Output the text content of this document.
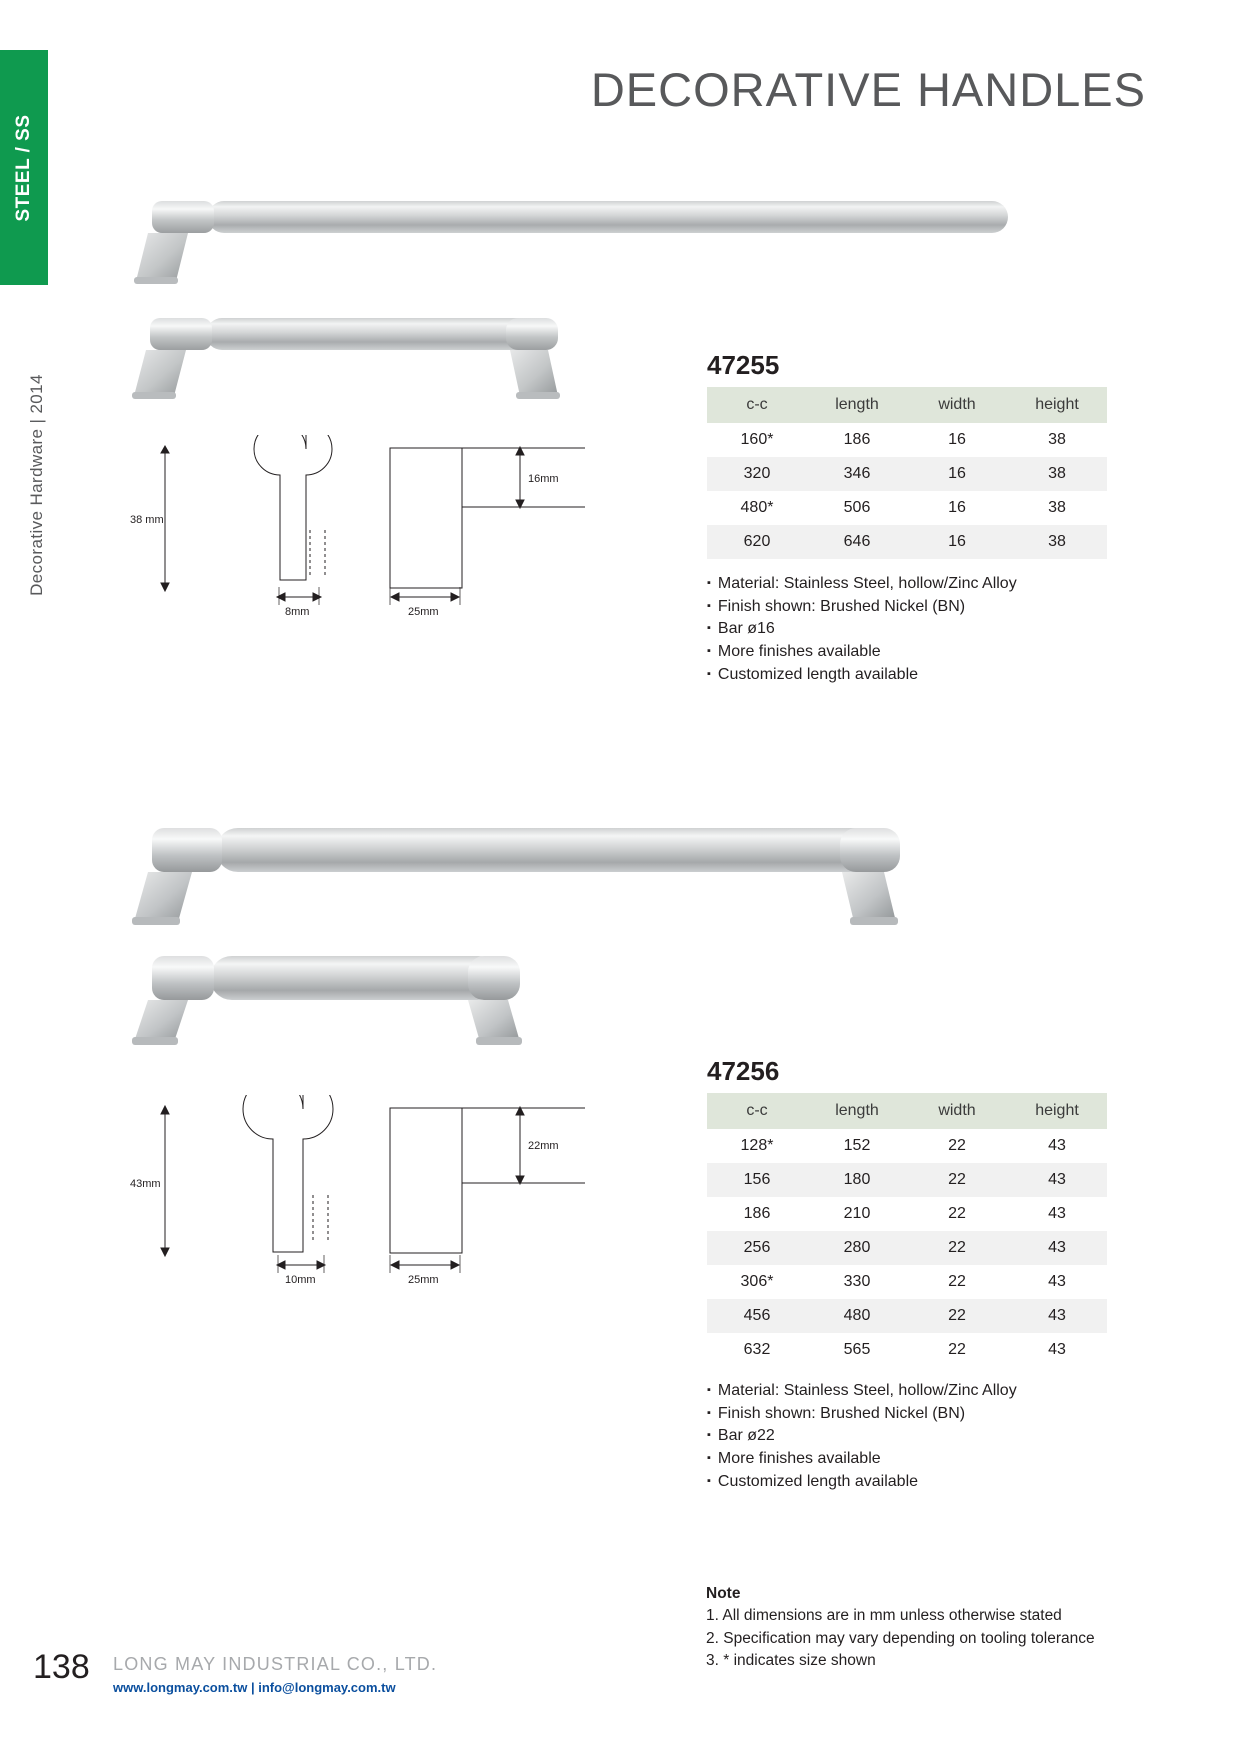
STEEL / SS
Decorative Hardware | 2014
DECORATIVE HANDLES
38 mm
8mm	25mm
16mm
47255
c-c	length	width	height
160*	186	16	38
320	346	16	38
480*	506	16	38
620	646	16	38
▪ Material: Stainless Steel, hollow/Zinc Alloy
▪ Finish shown: Brushed Nickel (BN)
▪ Bar ø16
▪ More finishes available
▪ Customized length available
43mm
10mm	25mm
22mm
47256
c-c	length	width	height
128*	152	22	43
156	180	22	43
186	210	22	43
256	280	22	43
306*	330	22	43
456	480	22	43
632	565	22	43
▪ Material: Stainless Steel, hollow/Zinc Alloy
▪ Finish shown: Brushed Nickel (BN)
▪ Bar ø22
▪ More finishes available
▪ Customized length available
Note
1. All dimensions are in mm unless otherwise stated
2. Specification may vary depending on tooling tolerance
3. * indicates size shown
138 LONG MAY INDUSTRIAL CO., LTD.
www.longmay.com.tw | info@longmay.com.tw
